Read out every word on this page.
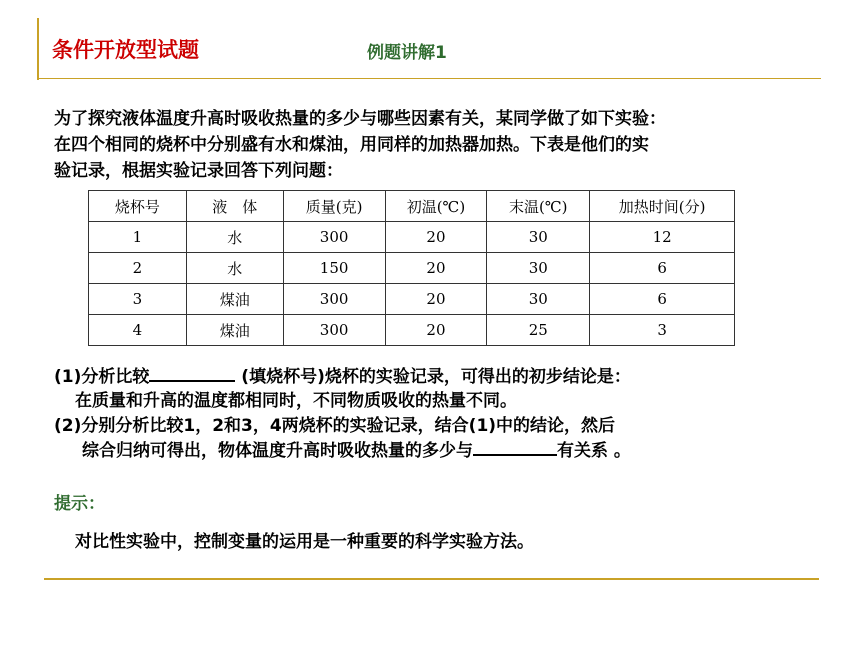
条件开放型试题	例题讲解1
为了探究液体温度升高时吸收热量的多少与哪些因素有关，某同学做了如下实验：
在四个相同的烧杯中分别盛有水和煤油，用同样的加热器加热。下表是他们的实
验记录，根据实验记录回答下列问题：
烧杯号	液　体	质量(克)	初温(℃)	末温(℃)	加热时间(分)
1	水	300	20	30	12
2	水	150	20	30	6
3	煤油	300	20	30	6
4	煤油	300	20	25	3
(1)分析比较	(填烧杯号)烧杯的实验记录，可得出的初步结论是：
在质量和升高的温度都相同时，不同物质吸收的热量不同。
(2)分别分析比较1，2和3，4两烧杯的实验记录，结合(1)中的结论，然后
综合归纳可得出，物体温度升高时吸收热量的多少与	有关系 。
提示：
对比性实验中，控制变量的运用是一种重要的科学实验方法。
